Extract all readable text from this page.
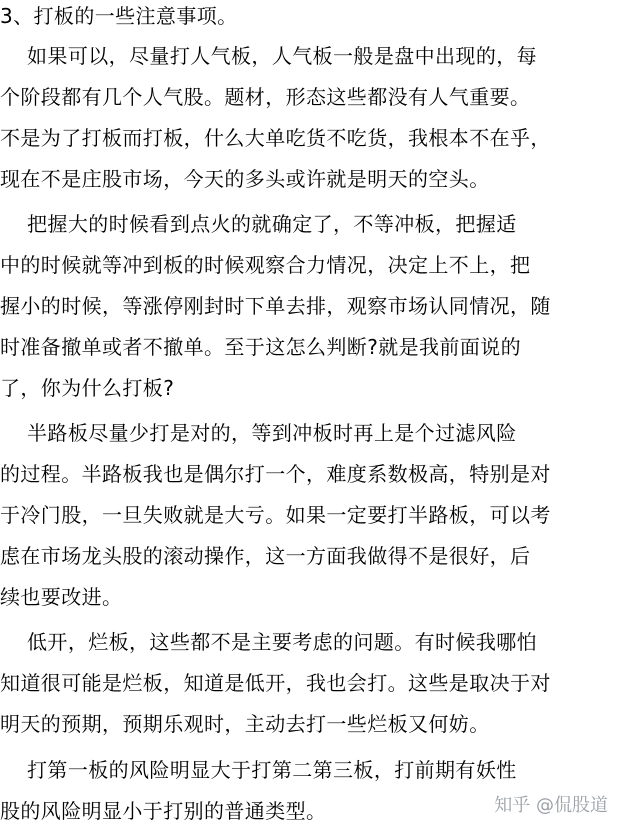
3、打板的一些注意事项。
如果可以，尽量打人气板，人气板一般是盘中出现的，每
个阶段都有几个人气股。题材，形态这些都没有人气重要。
不是为了打板而打板，什么大单吃货不吃货，我根本不在乎，
现在不是庄股市场，今天的多头或许就是明天的空头。
把握大的时候看到点火的就确定了，不等冲板，把握适
中的时候就等冲到板的时候观察合力情况，决定上不上，把
握小的时候，等涨停刚封时下单去排，观察市场认同情况，随
时准备撤单或者不撤单。至于这怎么判断?就是我前面说的
了，你为什么打板?
半路板尽量少打是对的，等到冲板时再上是个过滤风险
的过程。半路板我也是偶尔打一个，难度系数极高，特别是对
于冷门股，一旦失败就是大亏。如果一定要打半路板，可以考
虑在市场龙头股的滚动操作，这一方面我做得不是很好，后
续也要改进。
低开，烂板，这些都不是主要考虑的问题。有时候我哪怕
知道很可能是烂板，知道是低开，我也会打。这些是取决于对
明天的预期，预期乐观时，主动去打一些烂板又何妨。
打第一板的风险明显大于打第二第三板，打前期有妖性
股的风险明显小于打别的普通类型。	知乎 @侃股道
